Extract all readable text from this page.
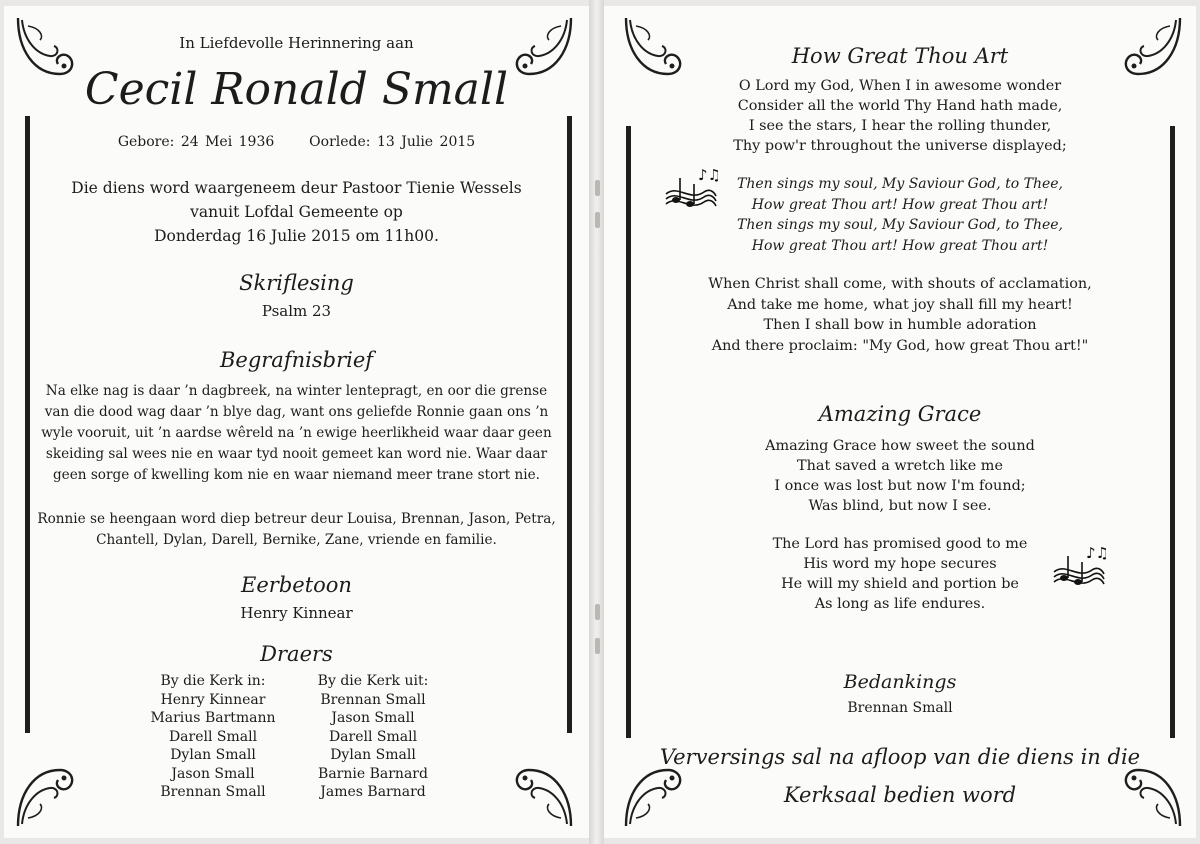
In Liefdevolle Herinnering aan
Cecil Ronald Small
Gebore: 24 Mei 1936 Oorlede: 13 Julie 2015
Die diens word waargeneem deur Pastoor Tienie Wessels
vanuit Lofdal Gemeente op
Donderdag 16 Julie 2015 om 11h00.
Skriflesing
Psalm 23
Begrafnisbrief
Na elke nag is daar ’n dagbreek, na winter lentepragt, en oor die grense
van die dood wag daar ’n blye dag, want ons geliefde Ronnie gaan ons ’n
wyle vooruit, uit ’n aardse wêreld na ’n ewige heerlikheid waar daar geen
skeiding sal wees nie en waar tyd nooit gemeet kan word nie. Waar daar
geen sorge of kwelling kom nie en waar niemand meer trane stort nie.
Ronnie se heengaan word diep betreur deur Louisa, Brennan, Jason, Petra,
Chantell, Dylan, Darell, Bernike, Zane, vriende en familie.
Eerbetoon
Henry Kinnear
Draers
By die Kerk in:
Henry Kinnear
Marius Bartmann
Darell Small
Dylan Small
Jason Small
Brennan Small
By die Kerk uit:
Brennan Small
Jason Small
Darell Small
Dylan Small
Barnie Barnard
James Barnard
How Great Thou Art
O Lord my God, When I in awesome wonder
Consider all the world Thy Hand hath made,
I see the stars, I hear the rolling thunder,
Thy pow'r throughout the universe displayed;
Then sings my soul, My Saviour God, to Thee,
How great Thou art! How great Thou art!
Then sings my soul, My Saviour God, to Thee,
How great Thou art! How great Thou art!
When Christ shall come, with shouts of acclamation,
And take me home, what joy shall fill my heart!
Then I shall bow in humble adoration
And there proclaim: "My God, how great Thou art!"
Amazing Grace
Amazing Grace how sweet the sound
That saved a wretch like me
I once was lost but now I'm found;
Was blind, but now I see.
The Lord has promised good to me
His word my hope secures
He will my shield and portion be
As long as life endures.
Bedankings
Brennan Small
Verversings sal na afloop van die diens in die
Kerksaal bedien word
